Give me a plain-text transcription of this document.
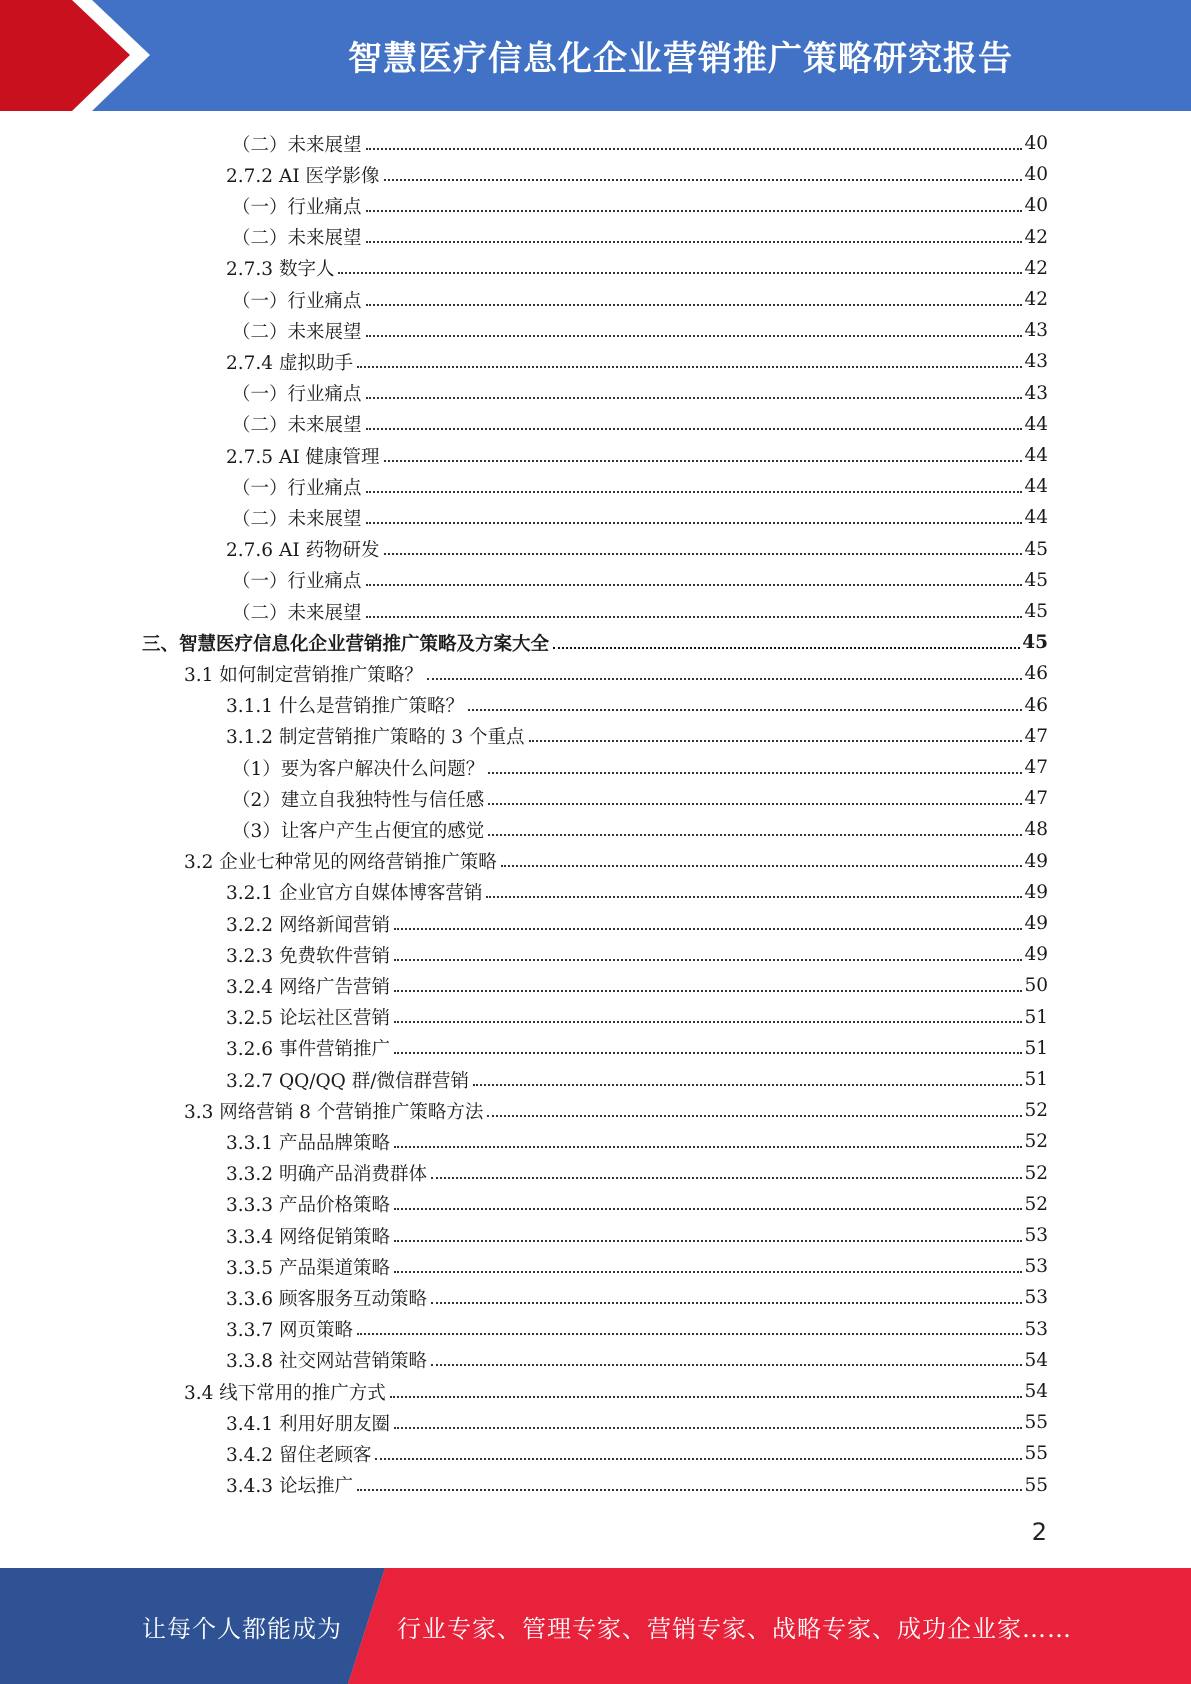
智慧医疗信息化企业营销推广策略研究报告
（二）未来展望	40
2.7.2 AI 医学影像	40
（一）行业痛点	40
（二）未来展望	42
2.7.3 数字人	42
（一）行业痛点	42
（二）未来展望	43
2.7.4 虚拟助手	43
（一）行业痛点	43
（二）未来展望	44
2.7.5 AI 健康管理	44
（一）行业痛点	44
（二）未来展望	44
2.7.6 AI 药物研发	45
（一）行业痛点	45
（二）未来展望	45
三、智慧医疗信息化企业营销推广策略及方案大全	45
3.1 如何制定营销推广策略？	46
3.1.1 什么是营销推广策略？	46
3.1.2 制定营销推广策略的 3 个重点	47
（1）要为客户解决什么问题？	47
（2）建立自我独特性与信任感	47
（3）让客户产生占便宜的感觉	48
3.2 企业七种常见的网络营销推广策略	49
3.2.1 企业官方自媒体博客营销	49
3.2.2 网络新闻营销	49
3.2.3 免费软件营销	49
3.2.4 网络广告营销	50
3.2.5 论坛社区营销	51
3.2.6 事件营销推广	51
3.2.7 QQ/QQ 群/微信群营销	51
3.3 网络营销 8 个营销推广策略方法	52
3.3.1 产品品牌策略	52
3.3.2 明确产品消费群体	52
3.3.3 产品价格策略	52
3.3.4 网络促销策略	53
3.3.5 产品渠道策略	53
3.3.6 顾客服务互动策略	53
3.3.7 网页策略	53
3.3.8 社交网站营销策略	54
3.4 线下常用的推广方式	54
3.4.1 利用好朋友圈	55
3.4.2 留住老顾客	55
3.4.3 论坛推广	55
2
让每个人都能成为 行业专家、管理专家、营销专家、战略专家、成功企业家……
